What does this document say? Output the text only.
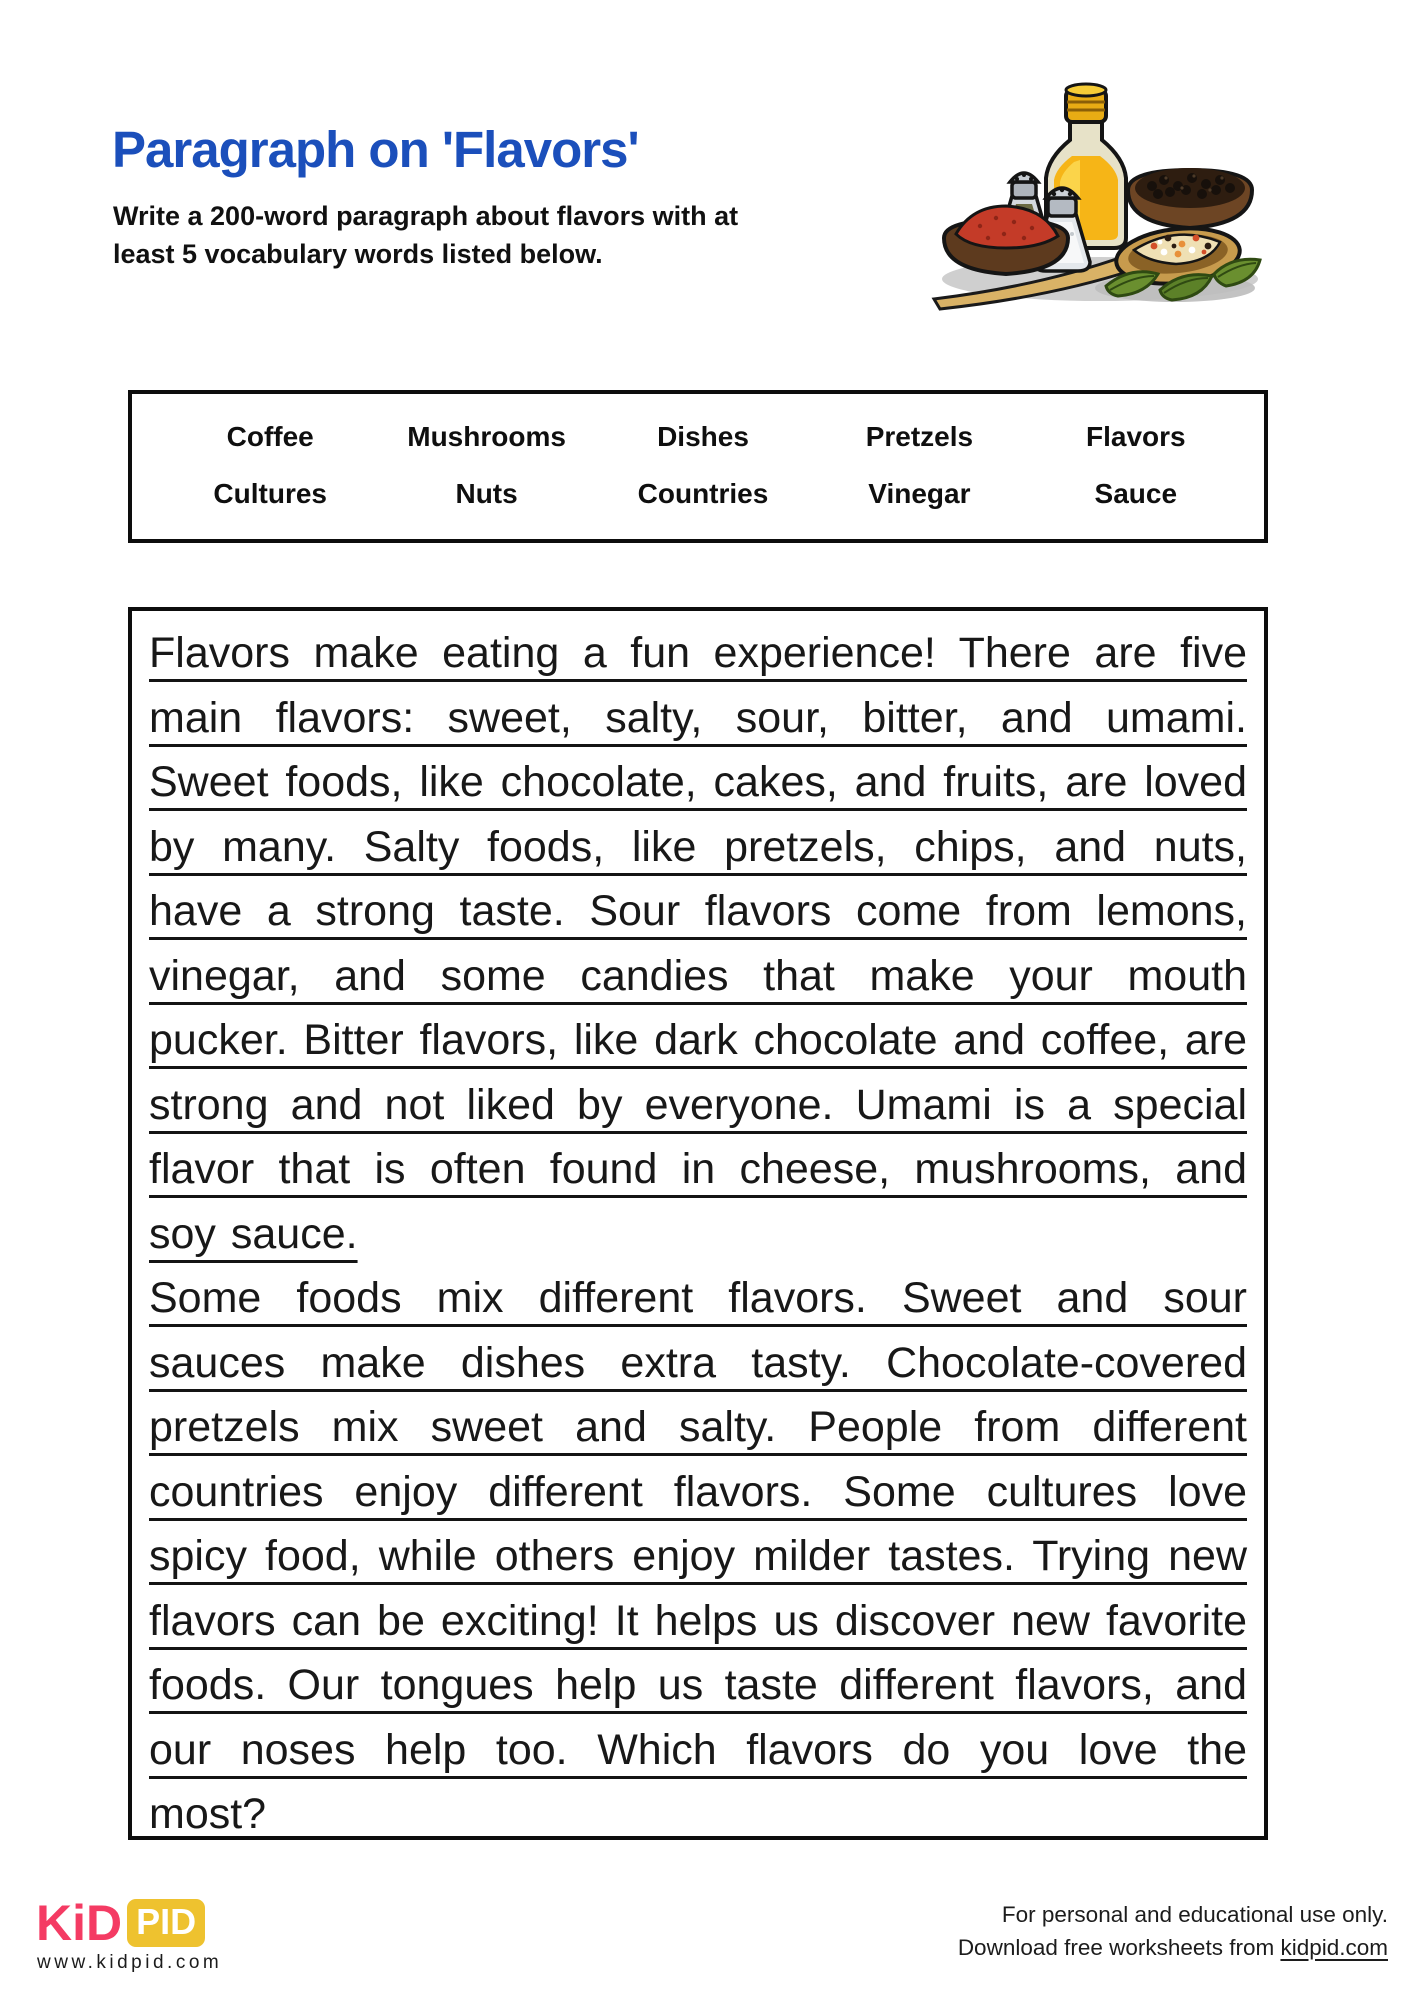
Paragraph on 'Flavors'
Write a 200-word paragraph about flavors with at
least 5 vocabulary words listed below.
Coffee	Mushrooms	Dishes	Pretzels	Flavors
Cultures	Nuts	Countries	Vinegar	Sauce

Flavors make eating a fun experience! There are five main flavors: sweet, salty, sour, bitter, and umami. Sweet foods, like chocolate, cakes, and fruits, are loved by many. Salty foods, like pretzels, chips, and nuts, have a strong taste. Sour flavors come from lemons, vinegar, and some candies that make your mouth pucker. Bitter flavors, like dark chocolate and coffee, are strong and not liked by everyone. Umami is a special flavor that is often found in cheese, mushrooms, and soy sauce.

Some foods mix different flavors. Sweet and sour sauces make dishes extra tasty. Chocolate-covered pretzels mix sweet and salty. People from different countries enjoy different flavors. Some cultures love spicy food, while others enjoy milder tastes. Trying new flavors can be exciting! It helps us discover new favorite foods. Our tongues help us taste different flavors, and our noses help too. Which flavors do you love the most?

KiD PID
www.kidpid.com
For personal and educational use only.
Download free worksheets from kidpid.com
